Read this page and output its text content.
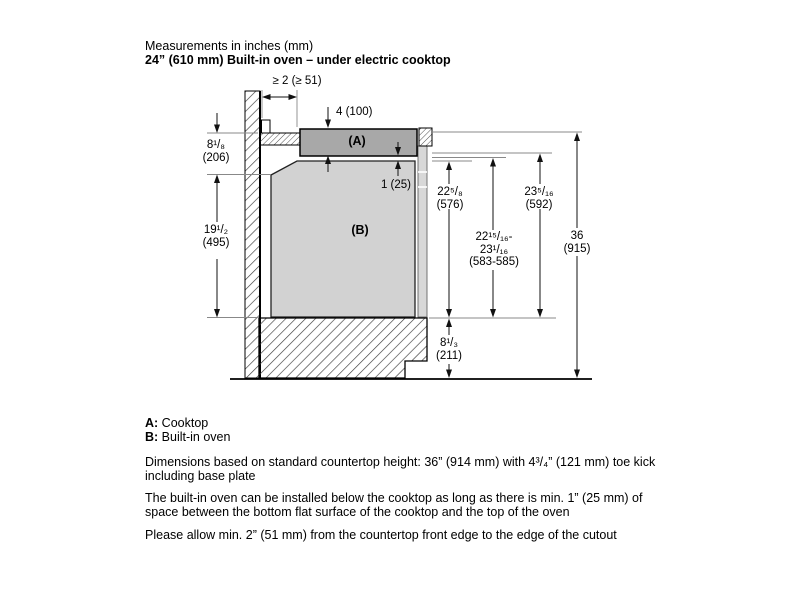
Measurements in inches (mm)
24” (610 mm) Built-in oven – under electric cooktop
≥ 2 (≥ 51)
4 (100)
1 (25)
8¹/₈
(206)
19¹/₂
(495)
8¹/₃
(211)
22⁵/₈
(576)
23⁵/₁₆
(592)
22¹⁵/₁₆-
23¹/₁₆
(583-585)
36
(915)
(A)
(B)
A: Cooktop
B: Built-in oven
Dimensions based on standard countertop height: 36” (914 mm) with 4³/₄” (121 mm) toe kick
including base plate
The built-in oven can be installed below the cooktop as long as there is min. 1” (25 mm) of
space between the bottom flat surface of the cooktop and the top of the oven
Please allow min. 2” (51 mm) from the countertop front edge to the edge of the cutout
